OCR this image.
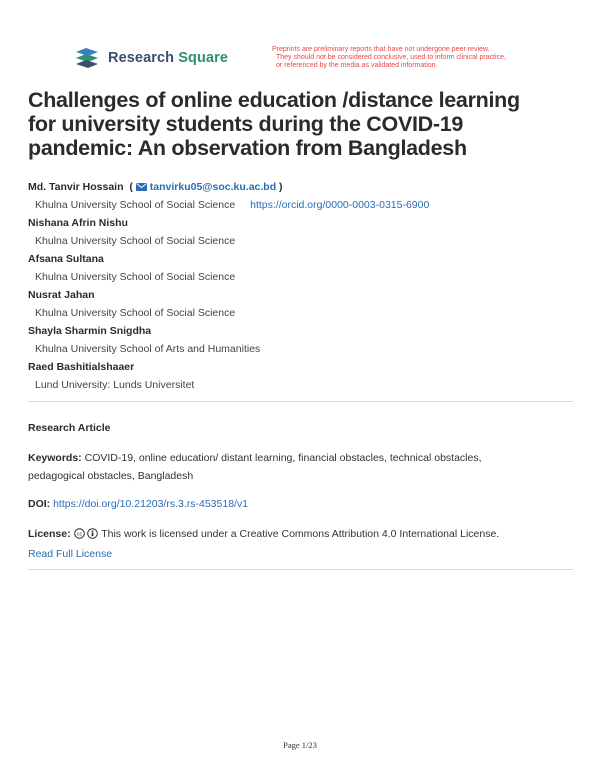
Research Square
Preprints are preliminary reports that have not undergone peer review.
They should not be considered conclusive, used to inform clinical practice,
or referenced by the media as validated information.
Challenges of online education /distance learning
for university students during the COVID-19
pandemic: An observation from Bangladesh
Md. Tanvir Hossain  ( tanvirku05@soc.ku.ac.bd )
Khulna University School of Social Science https://orcid.org/0000-0003-0315-6900
Nishana Afrin Nishu
Khulna University School of Social Science
Afsana Sultana
Khulna University School of Social Science
Nusrat Jahan
Khulna University School of Social Science
Shayla Sharmin Snigdha
Khulna University School of Arts and Humanities
Raed Bashitialshaaer
Lund University: Lunds Universitet
Research Article
Keywords: COVID-19, online education/ distant learning, financial obstacles, technical obstacles,
pedagogical obstacles, Bangladesh
DOI: https://doi.org/10.21203/rs.3.rs-453518/v1
License: cc This work is licensed under a Creative Commons Attribution 4.0 International License.
Read Full License
Page 1/23
